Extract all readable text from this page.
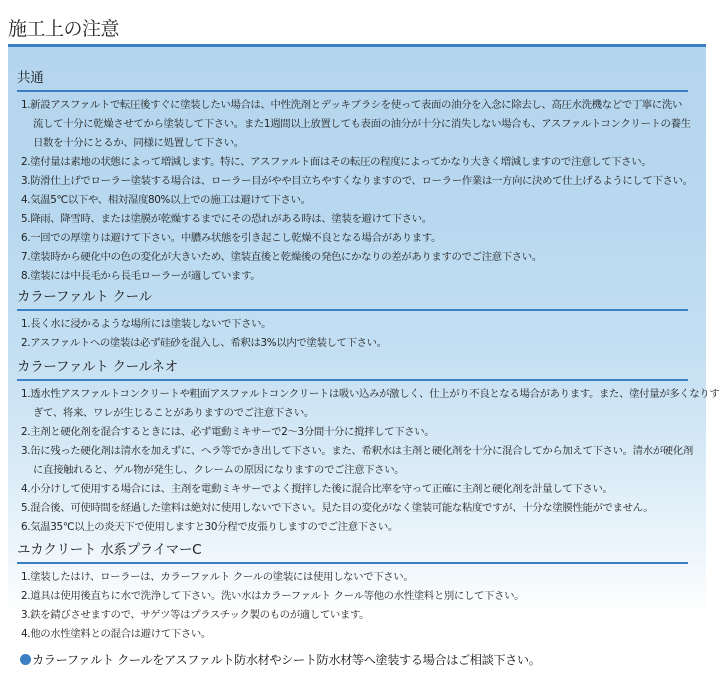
施工上の注意
共通
1.新設アスファルトで転圧後すぐに塗装したい場合は、中性洗剤とデッキブラシを使って表面の油分を入念に除去し、高圧水洗機などで丁寧に洗い
流して十分に乾燥させてから塗装して下さい。また1週間以上放置しても表面の油分が十分に消失しない場合も、アスファルトコンクリートの養生
日数を十分にとるか、同様に処置して下さい。
2.塗付量は素地の状態によって増減します。特に、アスファルト面はその転圧の程度によってかなり大きく増減しますので注意して下さい。
3.防滑仕上げでローラー塗装する場合は、ローラー目がやや目立ちやすくなりますので、ローラー作業は一方向に決めて仕上げるようにして下さい。
4.気温5℃以下や、相対湿度80%以上での施工は避けて下さい。
5.降雨、降雪時、または塗膜が乾燥するまでにその恐れがある時は、塗装を避けて下さい。
6.一回での厚塗りは避けて下さい。中膿み状態を引き起こし乾燥不良となる場合があります。
7.塗装時から硬化中の色の変化が大きいため、塗装直後と乾燥後の発色にかなりの差がありますのでご注意下さい。
8.塗装には中長毛から長毛ローラーが適しています。
カラーファルト クール
1.長く水に浸かるような場所には塗装しないで下さい。
2.アスファルトへの塗装は必ず硅砂を混入し、希釈は3%以内で塗装して下さい。
カラーファルト クールネオ
1.透水性アスファルトコンクリートや粗面アスファルトコンクリートは吸い込みが激しく、仕上がり不良となる場合があります。また、塗付量が多くなりす
ぎて、将来、ワレが生じることがありますのでご注意下さい。
2.主剤と硬化剤を混合するときには、必ず電動ミキサーで2～3分間十分に撹拌して下さい。
3.缶に残った硬化剤は清水を加えずに、ヘラ等でかき出して下さい。また、希釈水は主剤と硬化剤を十分に混合してから加えて下さい。清水が硬化剤
に直接触れると、ゲル物が発生し、クレームの原因になりますのでご注意下さい。
4.小分けして使用する場合には、主剤を電動ミキサーでよく撹拌した後に混合比率を守って正確に主剤と硬化剤を計量して下さい。
5.混合後、可使時間を経過した塗料は絶対に使用しないで下さい。見た目の変化がなく塗装可能な粘度ですが、十分な塗膜性能がでません。
6.気温35℃以上の炎天下で使用しますと30分程で皮張りしますのでご注意下さい。
ユカクリート 水系プライマーC
1.塗装したはけ、ローラーは、カラーファルト クールの塗装には使用しないで下さい。
2.道具は使用後直ちに水で洗浄して下さい。洗い水はカラーファルト クール等他の水性塗料と別にして下さい。
3.鉄を錆びさせますので、サゲツ等はプラスチック製のものが適しています。
4.他の水性塗料との混合は避けて下さい。
カラーファルト クールをアスファルト防水材やシート防水材等へ塗装する場合はご相談下さい。
